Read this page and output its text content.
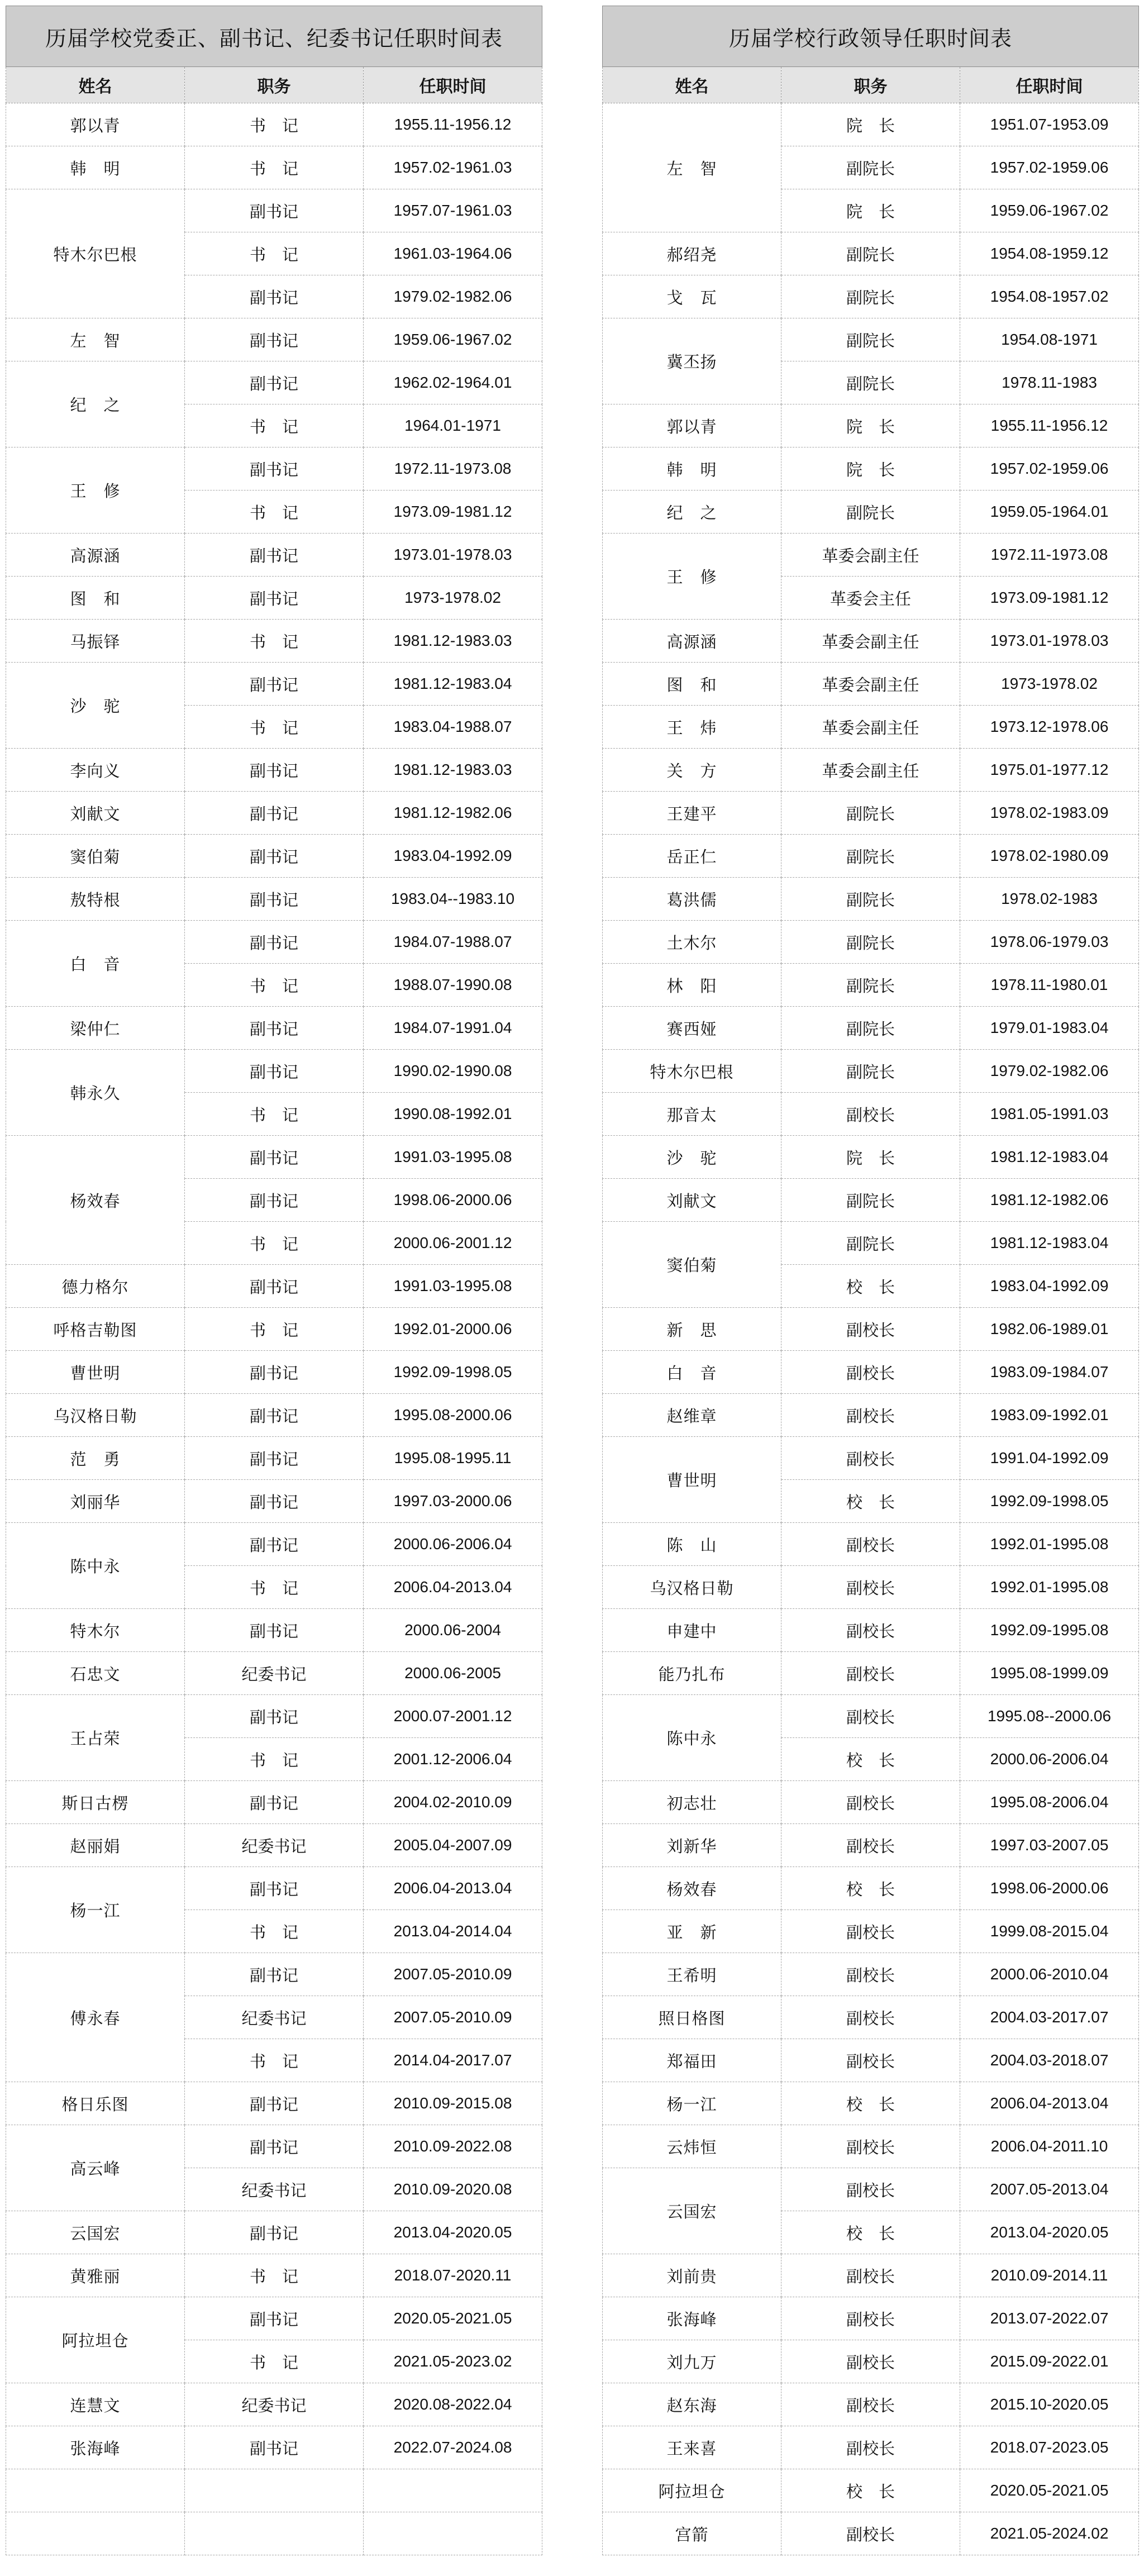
历届学校党委正、副书记、纪委书记任职时间表		
姓名	职务	任职时间
郭以青	书　记	1955.11-1956.12
韩　明	书　记	1957.02-1961.03
特木尔巴根	副书记	1957.07-1961.03
	书　记	1961.03-1964.06
	副书记	1979.02-1982.06
左　智	副书记	1959.06-1967.02
纪　之	副书记	1962.02-1964.01
	书　记	1964.01-1971
王　修	副书记	1972.11-1973.08
	书　记	1973.09-1981.12
高源涵	副书记	1973.01-1978.03
图　和	副书记	1973-1978.02
马振铎	书　记	1981.12-1983.03
沙　驼	副书记	1981.12-1983.04
	书　记	1983.04-1988.07
李向义	副书记	1981.12-1983.03
刘献文	副书记	1981.12-1982.06
窦伯菊	副书记	1983.04-1992.09
敖特根	副书记	1983.04--1983.10
白　音	副书记	1984.07-1988.07
	书　记	1988.07-1990.08
梁仲仁	副书记	1984.07-1991.04
韩永久	副书记	1990.02-1990.08
	书　记	1990.08-1992.01
杨效春	副书记	1991.03-1995.08
	副书记	1998.06-2000.06
	书　记	2000.06-2001.12
德力格尔	副书记	1991.03-1995.08
呼格吉勒图	书　记	1992.01-2000.06
曹世明	副书记	1992.09-1998.05
乌汉格日勒	副书记	1995.08-2000.06
范　勇	副书记	1995.08-1995.11
刘丽华	副书记	1997.03-2000.06
陈中永	副书记	2000.06-2006.04
	书　记	2006.04-2013.04
特木尔	副书记	2000.06-2004
石忠文	纪委书记	2000.06-2005
王占荣	副书记	2000.07-2001.12
	书　记	2001.12-2006.04
斯日古楞	副书记	2004.02-2010.09
赵丽娟	纪委书记	2005.04-2007.09
杨一江	副书记	2006.04-2013.04
	书　记	2013.04-2014.04
傅永春	副书记	2007.05-2010.09
	纪委书记	2007.05-2010.09
	书　记	2014.04-2017.07
格日乐图	副书记	2010.09-2015.08
高云峰	副书记	2010.09-2022.08
	纪委书记	2010.09-2020.08
云国宏	副书记	2013.04-2020.05
黄雅丽	书　记	2018.07-2020.11
阿拉坦仓	副书记	2020.05-2021.05
	书　记	2021.05-2023.02
连慧文	纪委书记	2020.08-2022.04
张海峰	副书记	2022.07-2024.08

历届学校行政领导任职时间表		
姓名	职务	任职时间
左　智	院　长	1951.07-1953.09
	副院长	1957.02-1959.06
	院　长	1959.06-1967.02
郝绍尧	副院长	1954.08-1959.12
戈　瓦	副院长	1954.08-1957.02
冀丕扬	副院长	1954.08-1971
	副院长	1978.11-1983
郭以青	院　长	1955.11-1956.12
韩　明	院　长	1957.02-1959.06
纪　之	副院长	1959.05-1964.01
王　修	革委会副主任	1972.11-1973.08
	革委会主任	1973.09-1981.12
高源涵	革委会副主任	1973.01-1978.03
图　和	革委会副主任	1973-1978.02
王　炜	革委会副主任	1973.12-1978.06
关　方	革委会副主任	1975.01-1977.12
王建平	副院长	1978.02-1983.09
岳正仁	副院长	1978.02-1980.09
葛洪儒	副院长	1978.02-1983
土木尔	副院长	1978.06-1979.03
林　阳	副院长	1978.11-1980.01
赛西娅	副院长	1979.01-1983.04
特木尔巴根	副院长	1979.02-1982.06
那音太	副校长	1981.05-1991.03
沙　驼	院　长	1981.12-1983.04
刘献文	副院长	1981.12-1982.06
窦伯菊	副院长	1981.12-1983.04
	校　长	1983.04-1992.09
新　思	副校长	1982.06-1989.01
白　音	副校长	1983.09-1984.07
赵维章	副校长	1983.09-1992.01
曹世明	副校长	1991.04-1992.09
	校　长	1992.09-1998.05
陈　山	副校长	1992.01-1995.08
乌汉格日勒	副校长	1992.01-1995.08
申建中	副校长	1992.09-1995.08
能乃扎布	副校长	1995.08-1999.09
陈中永	副校长	1995.08--2000.06
	校　长	2000.06-2006.04
初志壮	副校长	1995.08-2006.04
刘新华	副校长	1997.03-2007.05
杨效春	校　长	1998.06-2000.06
亚　新	副校长	1999.08-2015.04
王希明	副校长	2000.06-2010.04
照日格图	副校长	2004.03-2017.07
郑福田	副校长	2004.03-2018.07
杨一江	校　长	2006.04-2013.04
云炜恒	副校长	2006.04-2011.10
云国宏	副校长	2007.05-2013.04
	校　长	2013.04-2020.05
刘前贵	副校长	2010.09-2014.11
张海峰	副校长	2013.07-2022.07
刘九万	副校长	2015.09-2022.01
赵东海	副校长	2015.10-2020.05
王来喜	副校长	2018.07-2023.05
阿拉坦仓	校　长	2020.05-2021.05
宫箭	副校长	2021.05-2024.02
